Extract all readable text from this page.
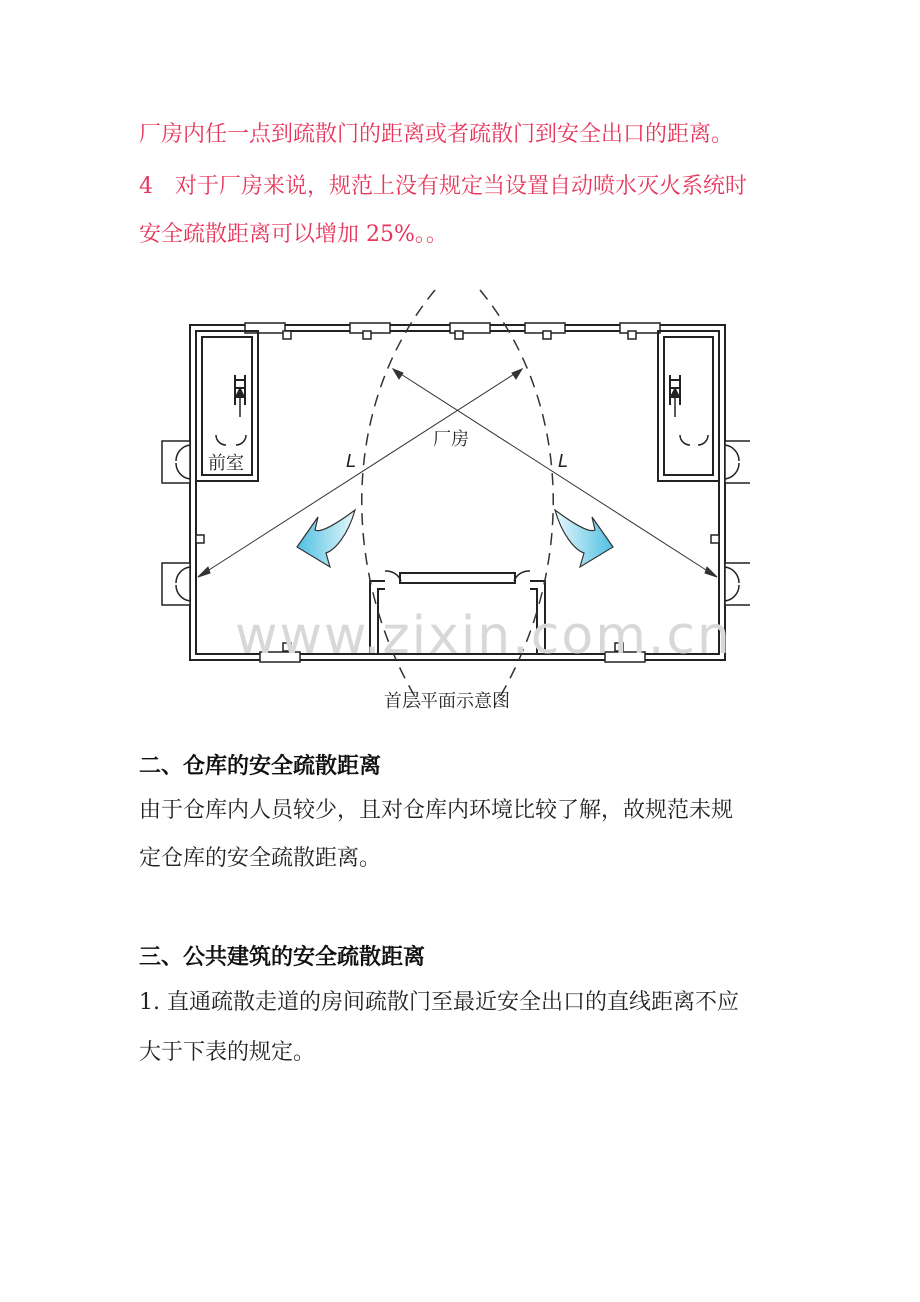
厂房内任一点到疏散门的距离或者疏散门到安全出口的距离。
4 对于厂房来说，规范上没有规定当设置自动喷水灭火系统时
安全疏散距离可以增加 25%。。
前室
厂房
L	L
www.zixin.com.cn
首层平面示意图
二、仓库的安全疏散距离
由于仓库内人员较少，且对仓库内环境比较了解，故规范未规
定仓库的安全疏散距离。
三、公共建筑的安全疏散距离
1. 直通疏散走道的房间疏散门至最近安全出口的直线距离不应
大于下表的规定。
